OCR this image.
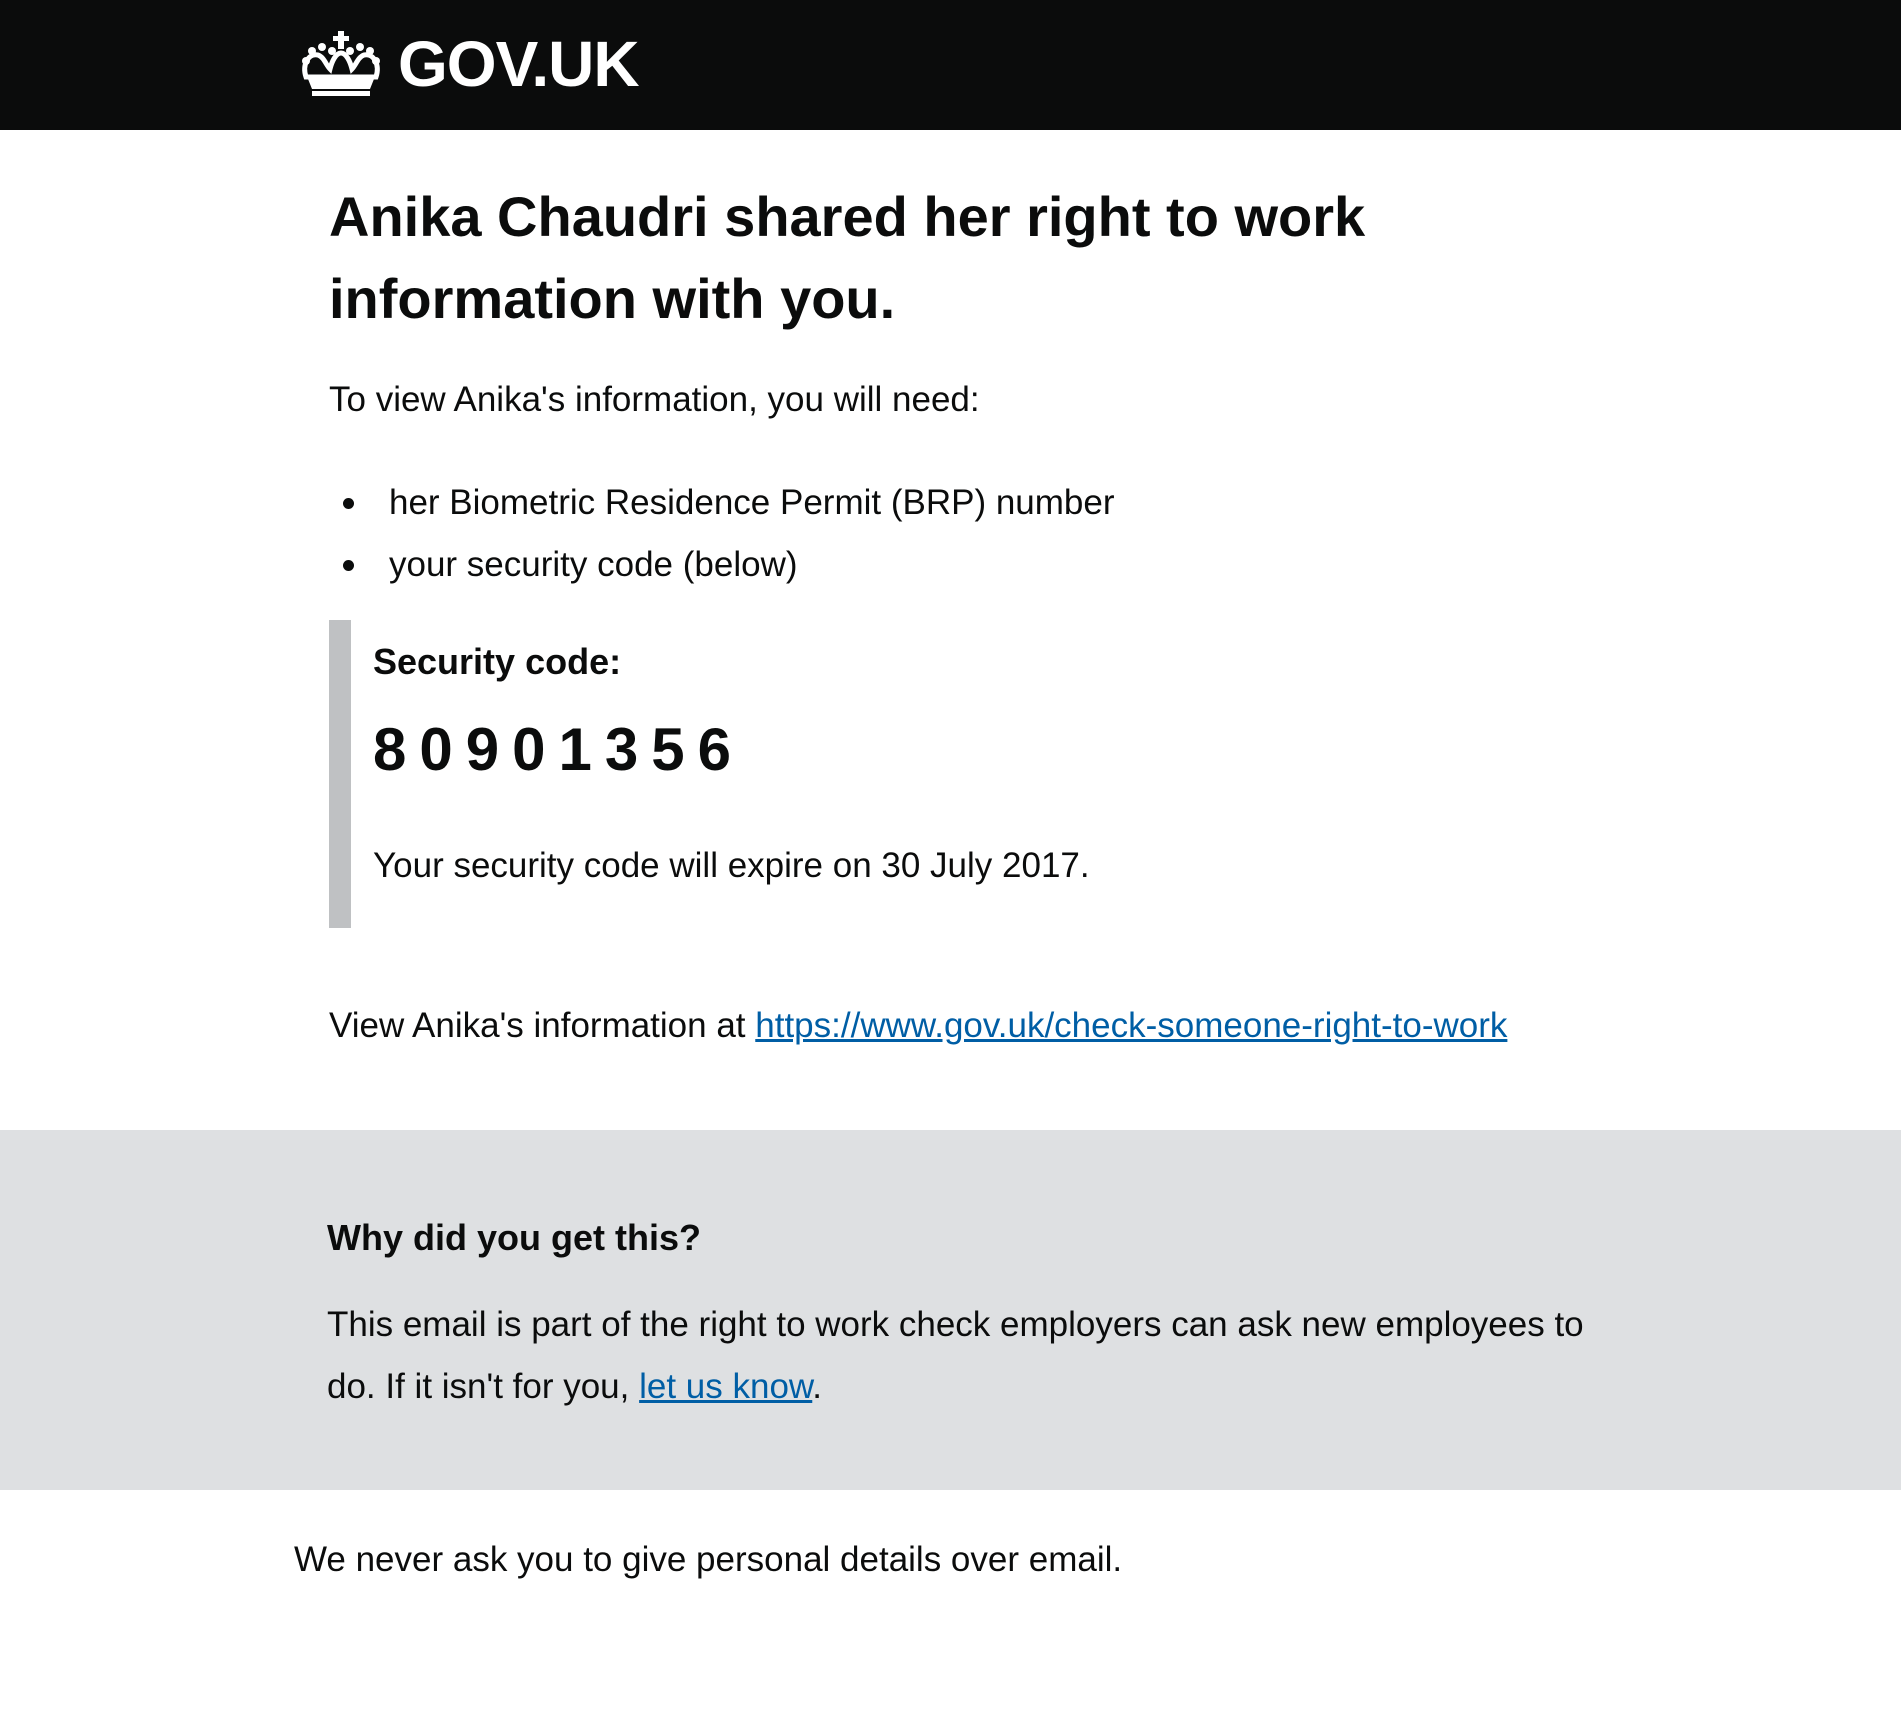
GOV.UK
Anika Chaudri shared her right to work information with you.

To view Anika's information, you will need:

her Biometric Residence Permit (BRP) number
your security code (below)

Security code:

80901356

Your security code will expire on 30 July 2017.

View Anika's information at https://www.gov.uk/check-someone-right-to-work

Why did you get this?

This email is part of the right to work check employers can ask new employees to do. If it isn't for you, let us know.

We never ask you to give personal details over email.
